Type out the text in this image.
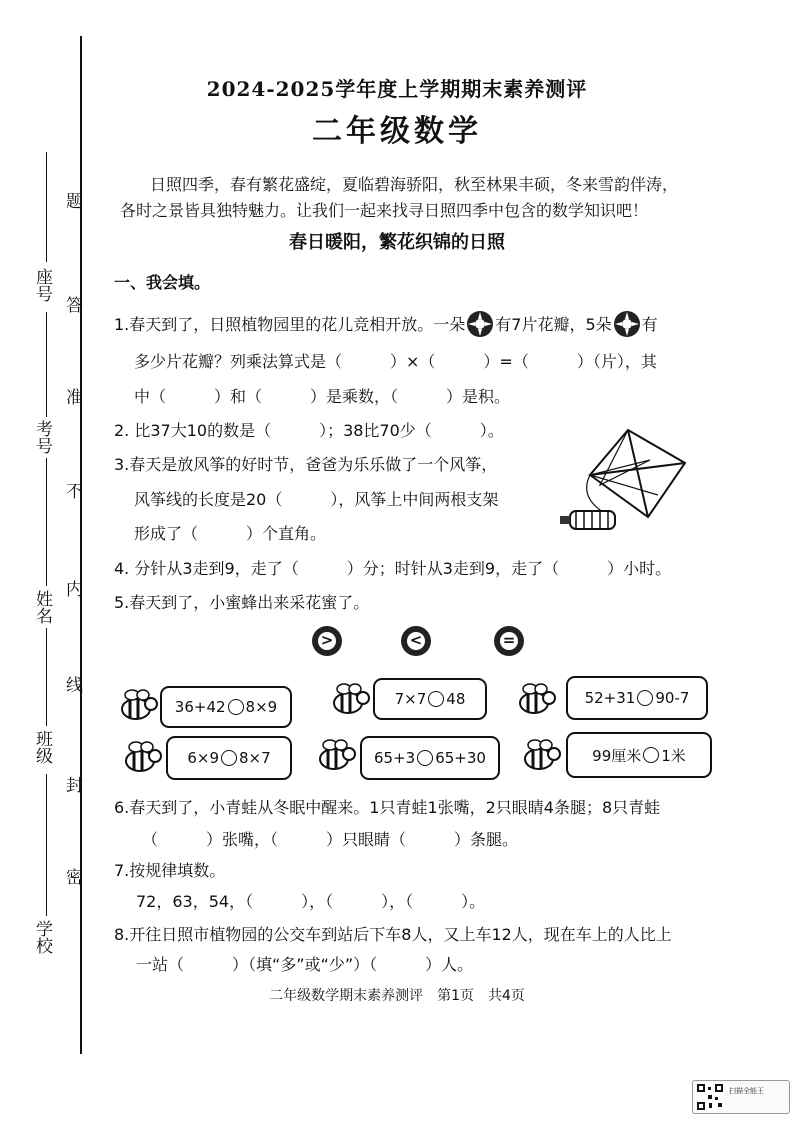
座号
考号
姓名
班级
学校
题
答
准
不
内
线
封
密
2024-2025学年度上学期期末素养测评
二年级数学
日照四季，春有繁花盛绽，夏临碧海骄阳，秋至林果丰硕，冬来雪韵伴涛，
各时之景皆具独特魅力。让我们一起来找寻日照四季中包含的数学知识吧！
春日暖阳，繁花织锦的日照
一、我会填。
1.春天到了，日照植物园里的花儿竞相开放。一朵 有7片花瓣，5朵 有
多少片花瓣？列乘法算式是（　　　）×（　　　）=（　　　）（片），其
中（　　　）和（　　　）是乘数，（　　　）是积。
2. 比37大10的数是（　　　）；38比70少（　　　）。
3.春天是放风筝的好时节，爸爸为乐乐做了一个风筝，
风筝线的长度是20（　　　），风筝上中间两根支架
形成了（　　　）个直角。
4. 分针从3走到9，走了（　　　）分；时针从3走到9，走了（　　　）小时。
5.春天到了，小蜜蜂出来采花蜜了。
>	<	=
36+42 8×9	7×7 48	52+31 90-7
6×9 8×7	65+3 65+30	99厘米 1米
6.春天到了，小青蛙从冬眠中醒来。1只青蛙1张嘴，2只眼睛4条腿；8只青蛙
（　　　）张嘴，（　　　）只眼睛（　　　）条腿。
7.按规律填数。
72，63，54，（　　　），（　　　），（　　　）。
8.开往日照市植物园的公交车到站后下车8人，又上车12人，现在车上的人比上
一站（　　　）（填“多”或“少”）（　　　）人。
二年级数学期末素养测评　第1页　共4页
扫描全能王
